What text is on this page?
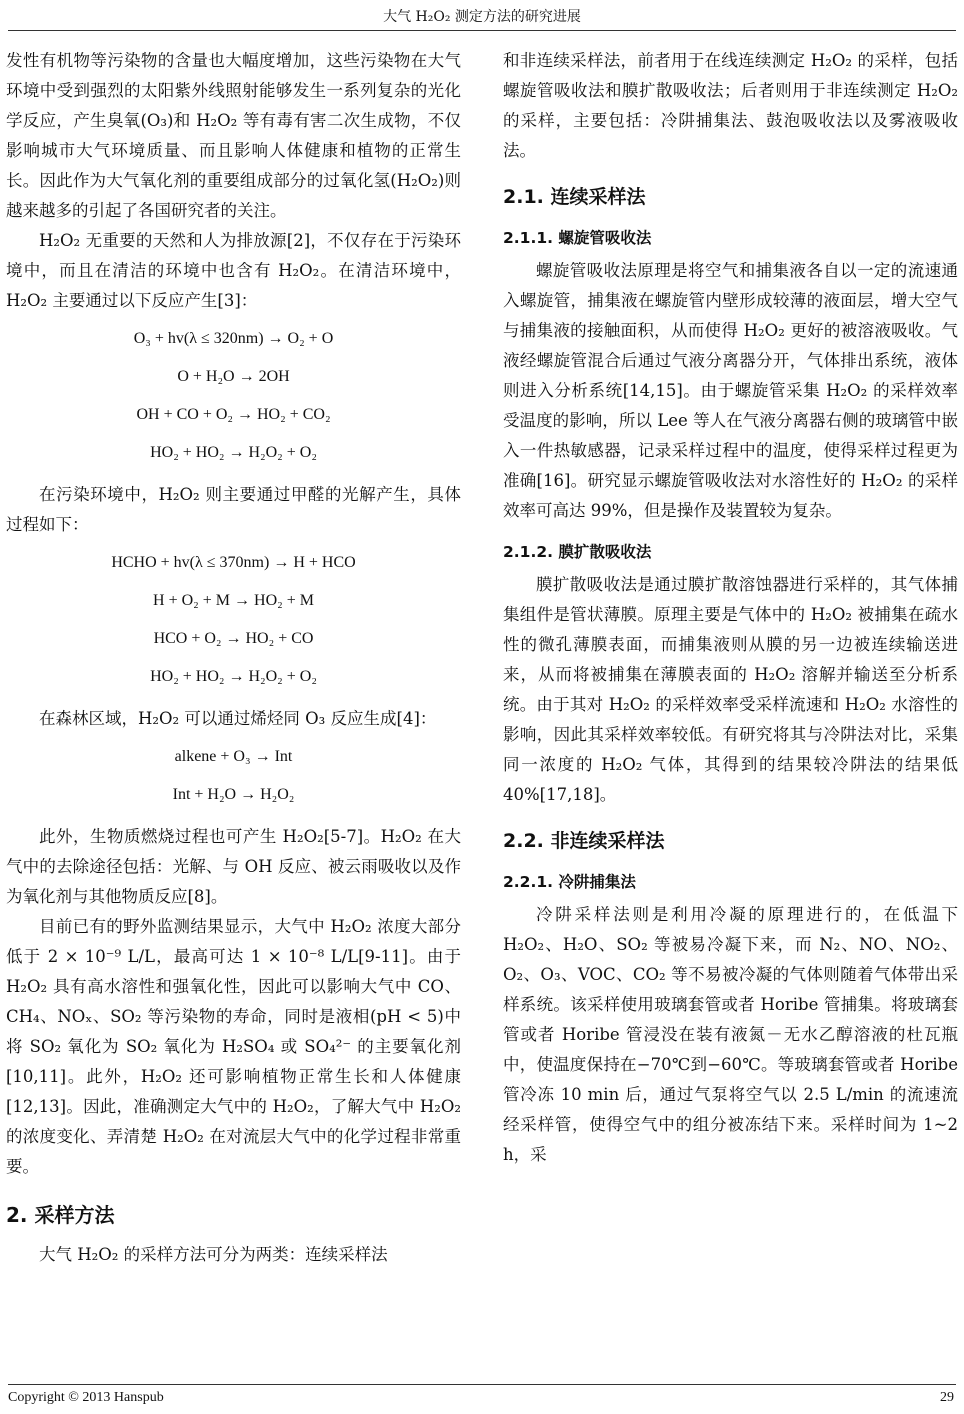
大气 H₂O₂ 测定方法的研究进展

发性有机物等污染物的含量也大幅度增加，这些污染物在大气环境中受到强烈的太阳紫外线照射能够发生一系列复杂的光化学反应，产生臭氧(O₃)和 H₂O₂ 等有毒有害二次生成物，不仅影响城市大气环境质量、而且影响人体健康和植物的正常生长。因此作为大气氧化剂的重要组成部分的过氧化氢(H₂O₂)则越来越多的引起了各国研究者的关注。

H₂O₂ 无重要的天然和人为排放源[2]，不仅存在于污染环境中，而且在清洁的环境中也含有 H₂O₂。在清洁环境中，H₂O₂ 主要通过以下反应产生[3]：

O₃ + hv(λ ≤ 320nm) → O₂ + O
O + H₂O → 2OH
OH + CO + O₂ → HO₂ + CO₂
HO₂ + HO₂ → H₂O₂ + O₂

在污染环境中，H₂O₂ 则主要通过甲醛的光解产生，具体过程如下：

HCHO + hv(λ ≤ 370nm) → H + HCO
H + O₂ + M → HO₂ + M
HCO + O₂ → HO₂ + CO
HO₂ + HO₂ → H₂O₂ + O₂

在森林区域，H₂O₂ 可以通过烯烃同 O₃ 反应生成[4]：

alkene + O₃ → Int
Int + H₂O → H₂O₂

此外，生物质燃烧过程也可产生 H₂O₂[5-7]。H₂O₂ 在大气中的去除途径包括：光解、与 OH 反应、被云雨吸收以及作为氧化剂与其他物质反应[8]。

目前已有的野外监测结果显示，大气中 H₂O₂ 浓度大部分低于 2 × 10⁻⁹ L/L，最高可达 1 × 10⁻⁸ L/L[9-11]。由于 H₂O₂ 具有高水溶性和强氧化性，因此可以影响大气中 CO、CH₄、NOₓ、SO₂ 等污染物的寿命，同时是液相(pH < 5)中将 SO₂ 氧化为 SO₂ 氧化为 H₂SO₄ 或 SO₄²⁻ 的主要氧化剂[10,11]。此外，H₂O₂ 还可影响植物正常生长和人体健康[12,13]。因此，准确测定大气中的 H₂O₂，了解大气中 H₂O₂ 的浓度变化、弄清楚 H₂O₂ 在对流层大气中的化学过程非常重要。

2. 采样方法

大气 H₂O₂ 的采样方法可分为两类：连续采样法

和非连续采样法，前者用于在线连续测定 H₂O₂ 的采样，包括螺旋管吸收法和膜扩散吸收法；后者则用于非连续测定 H₂O₂ 的采样，主要包括：冷阱捕集法、鼓泡吸收法以及雾液吸收法。

2.1. 连续采样法
2.1.1. 螺旋管吸收法

螺旋管吸收法原理是将空气和捕集液各自以一定的流速通入螺旋管，捕集液在螺旋管内壁形成较薄的液面层，增大空气与捕集液的接触面积，从而使得 H₂O₂ 更好的被溶液吸收。气液经螺旋管混合后通过气液分离器分开，气体排出系统，液体则进入分析系统[14,15]。由于螺旋管采集 H₂O₂ 的采样效率受温度的影响，所以 Lee 等人在气液分离器右侧的玻璃管中嵌入一件热敏感器，记录采样过程中的温度，使得采样过程更为准确[16]。研究显示螺旋管吸收法对水溶性好的 H₂O₂ 的采样效率可高达 99%，但是操作及装置较为复杂。

2.1.2. 膜扩散吸收法

膜扩散吸收法是通过膜扩散溶蚀器进行采样的，其气体捕集组件是管状薄膜。原理主要是气体中的 H₂O₂ 被捕集在疏水性的微孔薄膜表面，而捕集液则从膜的另一边被连续输送进来，从而将被捕集在薄膜表面的 H₂O₂ 溶解并输送至分析系统。由于其对 H₂O₂ 的采样效率受采样流速和 H₂O₂ 水溶性的影响，因此其采样效率较低。有研究将其与冷阱法对比，采集同一浓度的 H₂O₂ 气体，其得到的结果较冷阱法的结果低 40%[17,18]。

2.2. 非连续采样法
2.2.1. 冷阱捕集法

冷阱采样法则是利用冷凝的原理进行的，在低温下 H₂O₂、H₂O、SO₂ 等被易冷凝下来，而 N₂、NO、NO₂、O₂、O₃、VOC、CO₂ 等不易被冷凝的气体则随着气体带出采样系统。该采样使用玻璃套管或者 Horibe 管捕集。将玻璃套管或者 Horibe 管浸没在装有液氮－无水乙醇溶液的杜瓦瓶中，使温度保持在−70℃到−60℃。等玻璃套管或者 Horibe 管冷冻 10 min 后，通过气泵将空气以 2.5 L/min 的流速流经采样管，使得空气中的组分被冻结下来。采样时间为 1~2 h，采

Copyright © 2013 Hanspub	29
